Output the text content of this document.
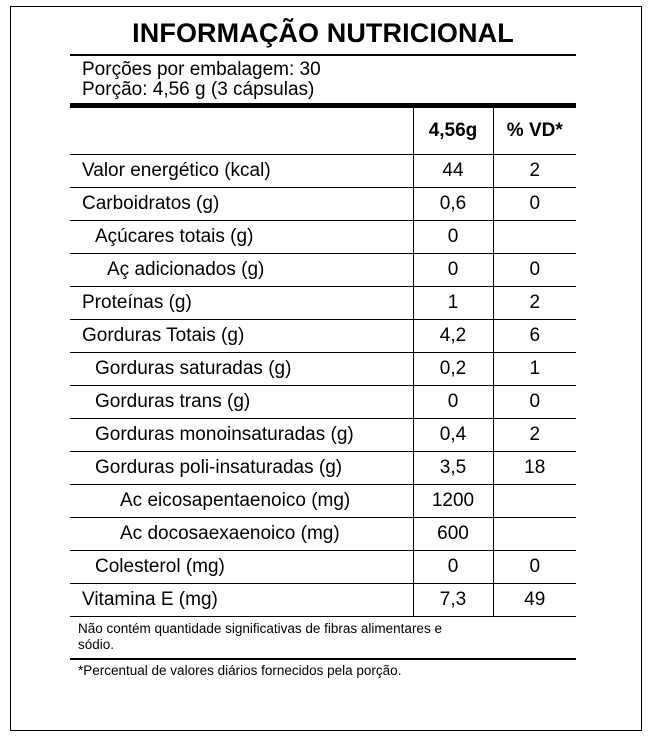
INFORMAÇÃO NUTRICIONAL
Porções por embalagem: 30
Porção: 4,56 g (3 cápsulas)
	4,56g	% VD*
Valor energético (kcal)	44	2
Carboidratos (g)	0,6	0
Açúcares totais (g)	0	
Aç adicionados (g)	0	0
Proteínas (g)	1	2
Gorduras Totais (g)	4,2	6
Gorduras saturadas (g)	0,2	1
Gorduras trans (g)	0	0
Gorduras monoinsaturadas (g)	0,4	2
Gorduras poli-insaturadas (g)	3,5	18
Ac eicosapentaenoico (mg)	1200	
Ac docosaexaenoico (mg)	600	
Colesterol (mg)	0	0
Vitamina E (mg)	7,3	49
Não contém quantidade significativas de fibras alimentares e
sódio.
*Percentual de valores diários fornecidos pela porção.
